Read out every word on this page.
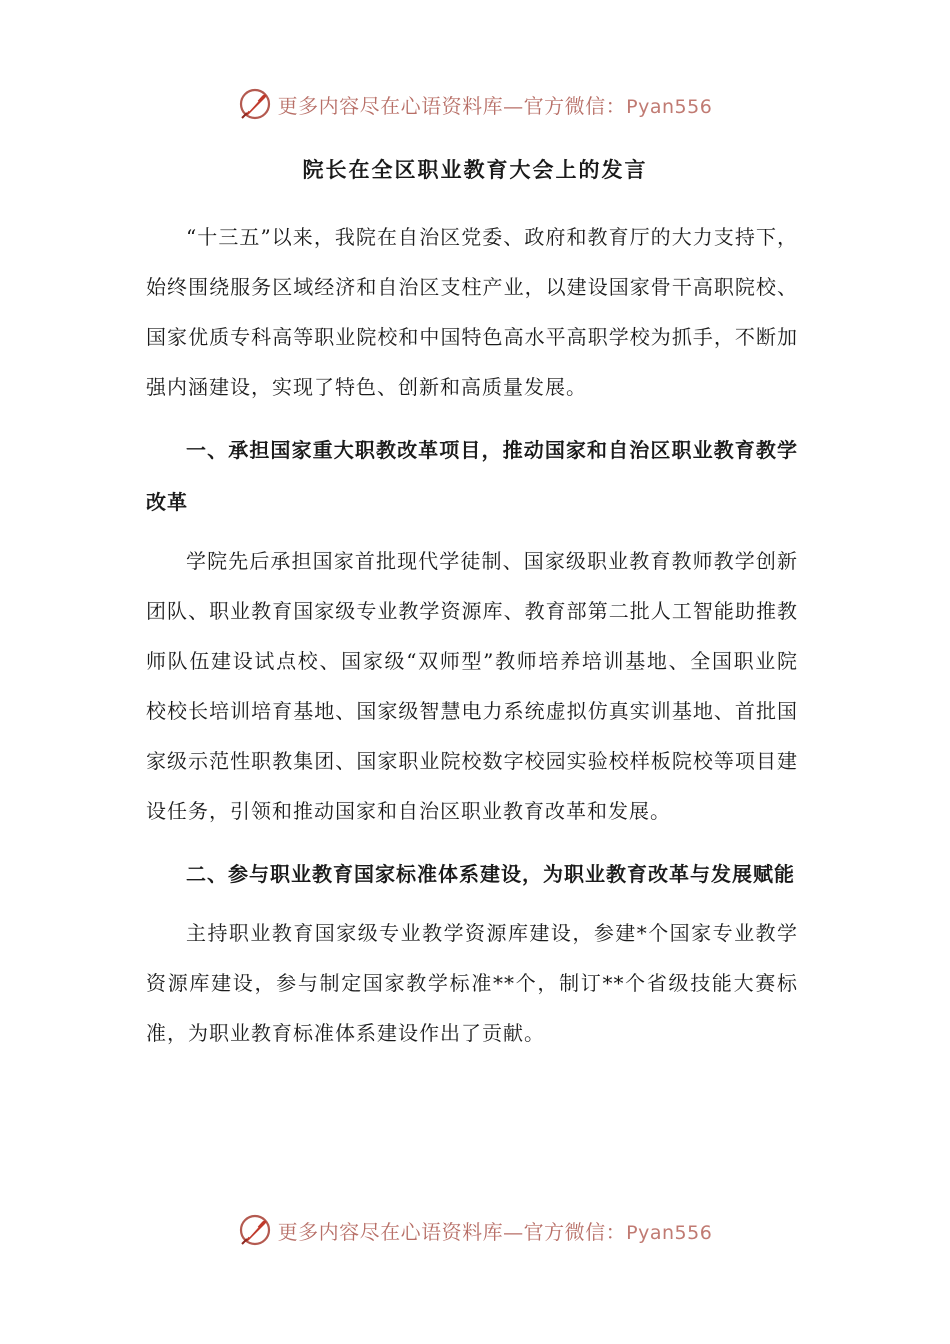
更多内容尽在心语资料库—官方微信：Pyan556
院长在全区职业教育大会上的发言

“十三五”以来，我院在自治区党委、政府和教育厅的大力支持下，始终围绕服务区域经济和自治区支柱产业，以建设国家骨干高职院校、国家优质专科高等职业院校和中国特色高水平高职学校为抓手，不断加强内涵建设，实现了特色、创新和高质量发展。

一、承担国家重大职教改革项目，推动国家和自治区职业教育教学改革

学院先后承担国家首批现代学徒制、国家级职业教育教师教学创新团队、职业教育国家级专业教学资源库、教育部第二批人工智能助推教师队伍建设试点校、国家级“双师型”教师培养培训基地、全国职业院校校长培训培育基地、国家级智慧电力系统虚拟仿真实训基地、首批国家级示范性职教集团、国家职业院校数字校园实验校样板院校等项目建设任务，引领和推动国家和自治区职业教育改革和发展。

二、参与职业教育国家标准体系建设，为职业教育改革与发展赋能

主持职业教育国家级专业教学资源库建设，参建*个国家专业教学资源库建设，参与制定国家教学标准**个，制订**个省级技能大赛标准，为职业教育标准体系建设作出了贡献。

更多内容尽在心语资料库—官方微信：Pyan556
